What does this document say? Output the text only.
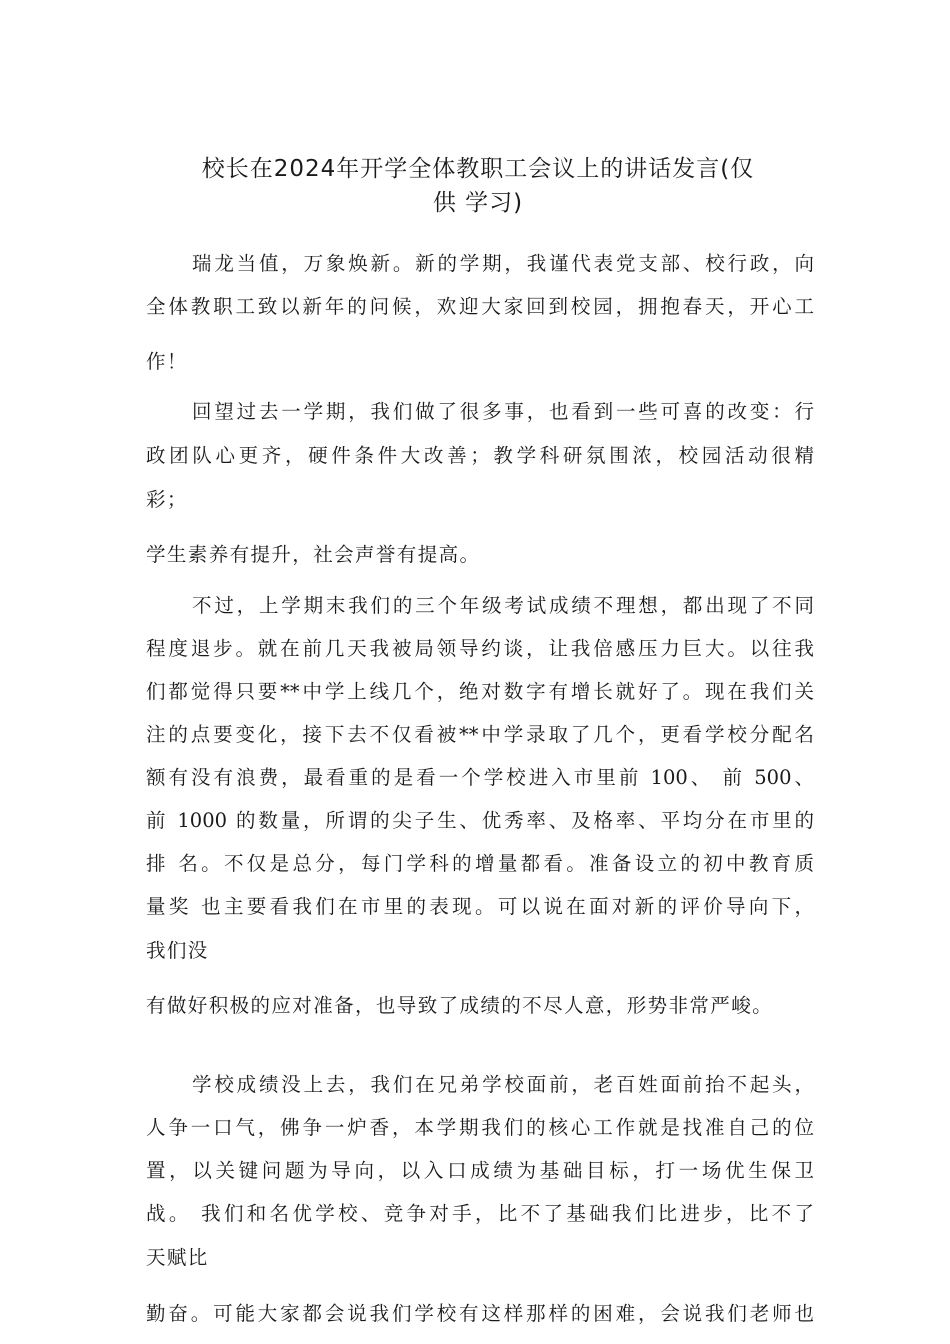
校长在2024年开学全体教职工会议上的讲话发言(仅
供 学习)

瑞龙当值，万象焕新。新的学期，我谨代表党支部、校行政，向

全体教职工致以新年的问候，欢迎大家回到校园，拥抱春天，开心工

作！

回望过去一学期，我们做了很多事，也看到一些可喜的改变：行

政团队心更齐，硬件条件大改善；教学科研氛围浓，校园活动很精

彩；

学生素养有提升，社会声誉有提高。

不过，上学期末我们的三个年级考试成绩不理想，都出现了不同

程度退步。就在前几天我被局领导约谈，让我倍感压力巨大。以往我

们都觉得只要**中学上线几个，绝对数字有增长就好了。现在我们关

注的点要变化，接下去不仅看被**中学录取了几个，更看学校分配名

额有没有浪费，最看重的是看一个学校进入市里前 100、 前 500、

前 1000 的数量，所谓的尖子生、优秀率、及格率、平均分在市里的

排 名。不仅是总分，每门学科的增量都看。准备设立的初中教育质

量奖 也主要看我们在市里的表现。可以说在面对新的评价导向下，

我们没

有做好积极的应对准备，也导致了成绩的不尽人意，形势非常严峻。

学校成绩没上去，我们在兄弟学校面前，老百姓面前抬不起头，

人争一口气，佛争一炉香，本学期我们的核心工作就是找准自己的位

置，以关键问题为导向，以入口成绩为基础目标，打一场优生保卫

战。 我们和名优学校、竞争对手，比不了基础我们比进步，比不了

天赋比

勤奋。可能大家都会说我们学校有这样那样的困难，会说我们老师也
